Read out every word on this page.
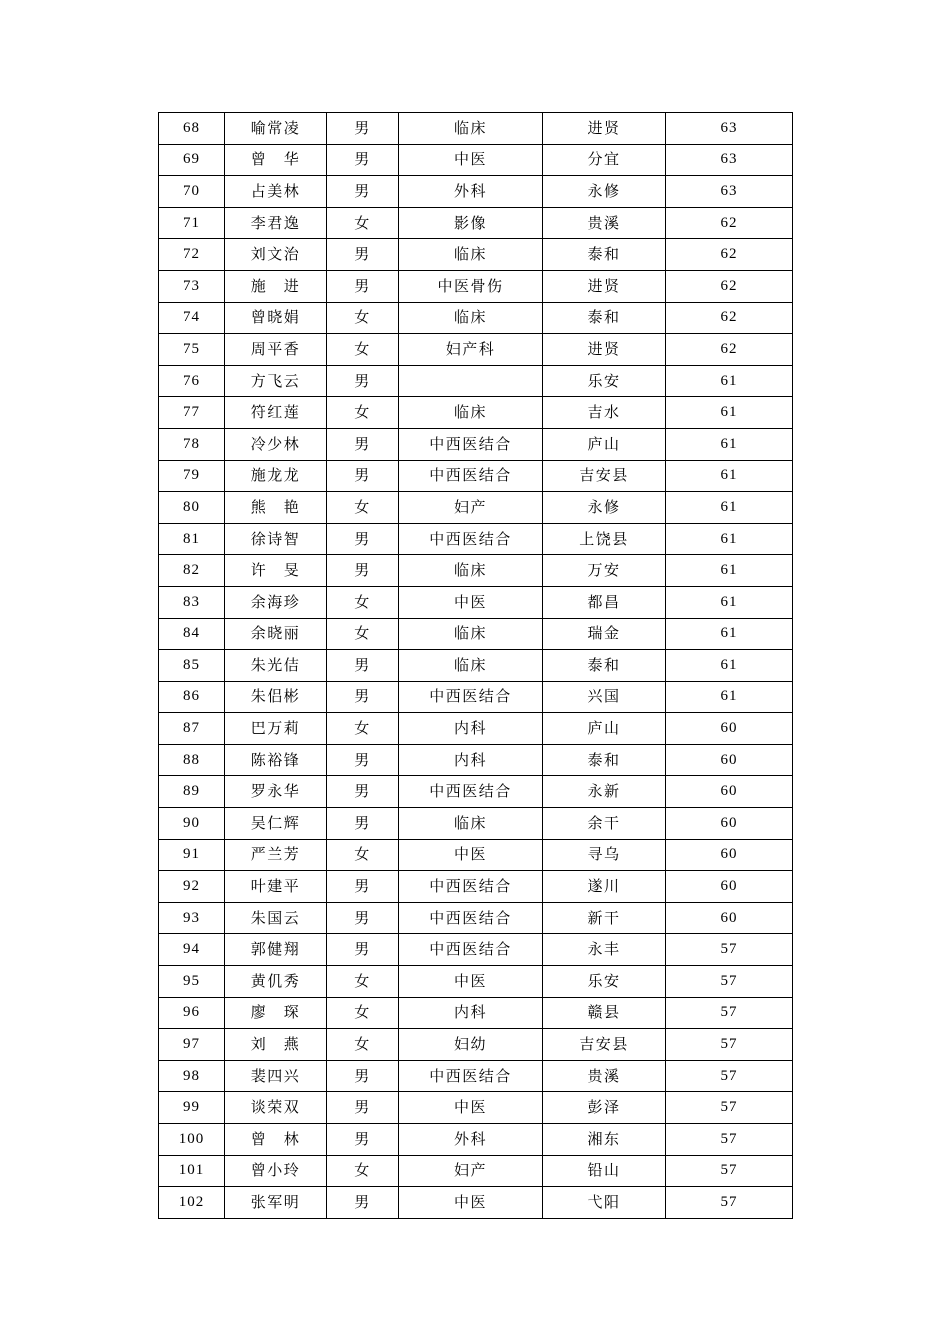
68	喻常凌	男	临床	进贤	63
69	曾　华	男	中医	分宜	63
70	占美林	男	外科	永修	63
71	李君逸	女	影像	贵溪	62
72	刘文治	男	临床	泰和	62
73	施　进	男	中医骨伤	进贤	62
74	曾晓娟	女	临床	泰和	62
75	周平香	女	妇产科	进贤	62
76	方飞云	男		乐安	61
77	符红莲	女	临床	吉水	61
78	冷少林	男	中西医结合	庐山	61
79	施龙龙	男	中西医结合	吉安县	61
80	熊　艳	女	妇产	永修	61
81	徐诗智	男	中西医结合	上饶县	61
82	许　旻	男	临床	万安	61
83	余海珍	女	中医	都昌	61
84	余晓丽	女	临床	瑞金	61
85	朱光佶	男	临床	泰和	61
86	朱侣彬	男	中西医结合	兴国	61
87	巴万莉	女	内科	庐山	60
88	陈裕锋	男	内科	泰和	60
89	罗永华	男	中西医结合	永新	60
90	吴仁辉	男	临床	余干	60
91	严兰芳	女	中医	寻乌	60
92	叶建平	男	中西医结合	遂川	60
93	朱国云	男	中西医结合	新干	60
94	郭健翔	男	中西医结合	永丰	57
95	黄仉秀	女	中医	乐安	57
96	廖　琛	女	内科	赣县	57
97	刘　燕	女	妇幼	吉安县	57
98	裴四兴	男	中西医结合	贵溪	57
99	谈荣双	男	中医	彭泽	57
100	曾　林	男	外科	湘东	57
101	曾小玲	女	妇产	铅山	57
102	张军明	男	中医	弋阳	57
